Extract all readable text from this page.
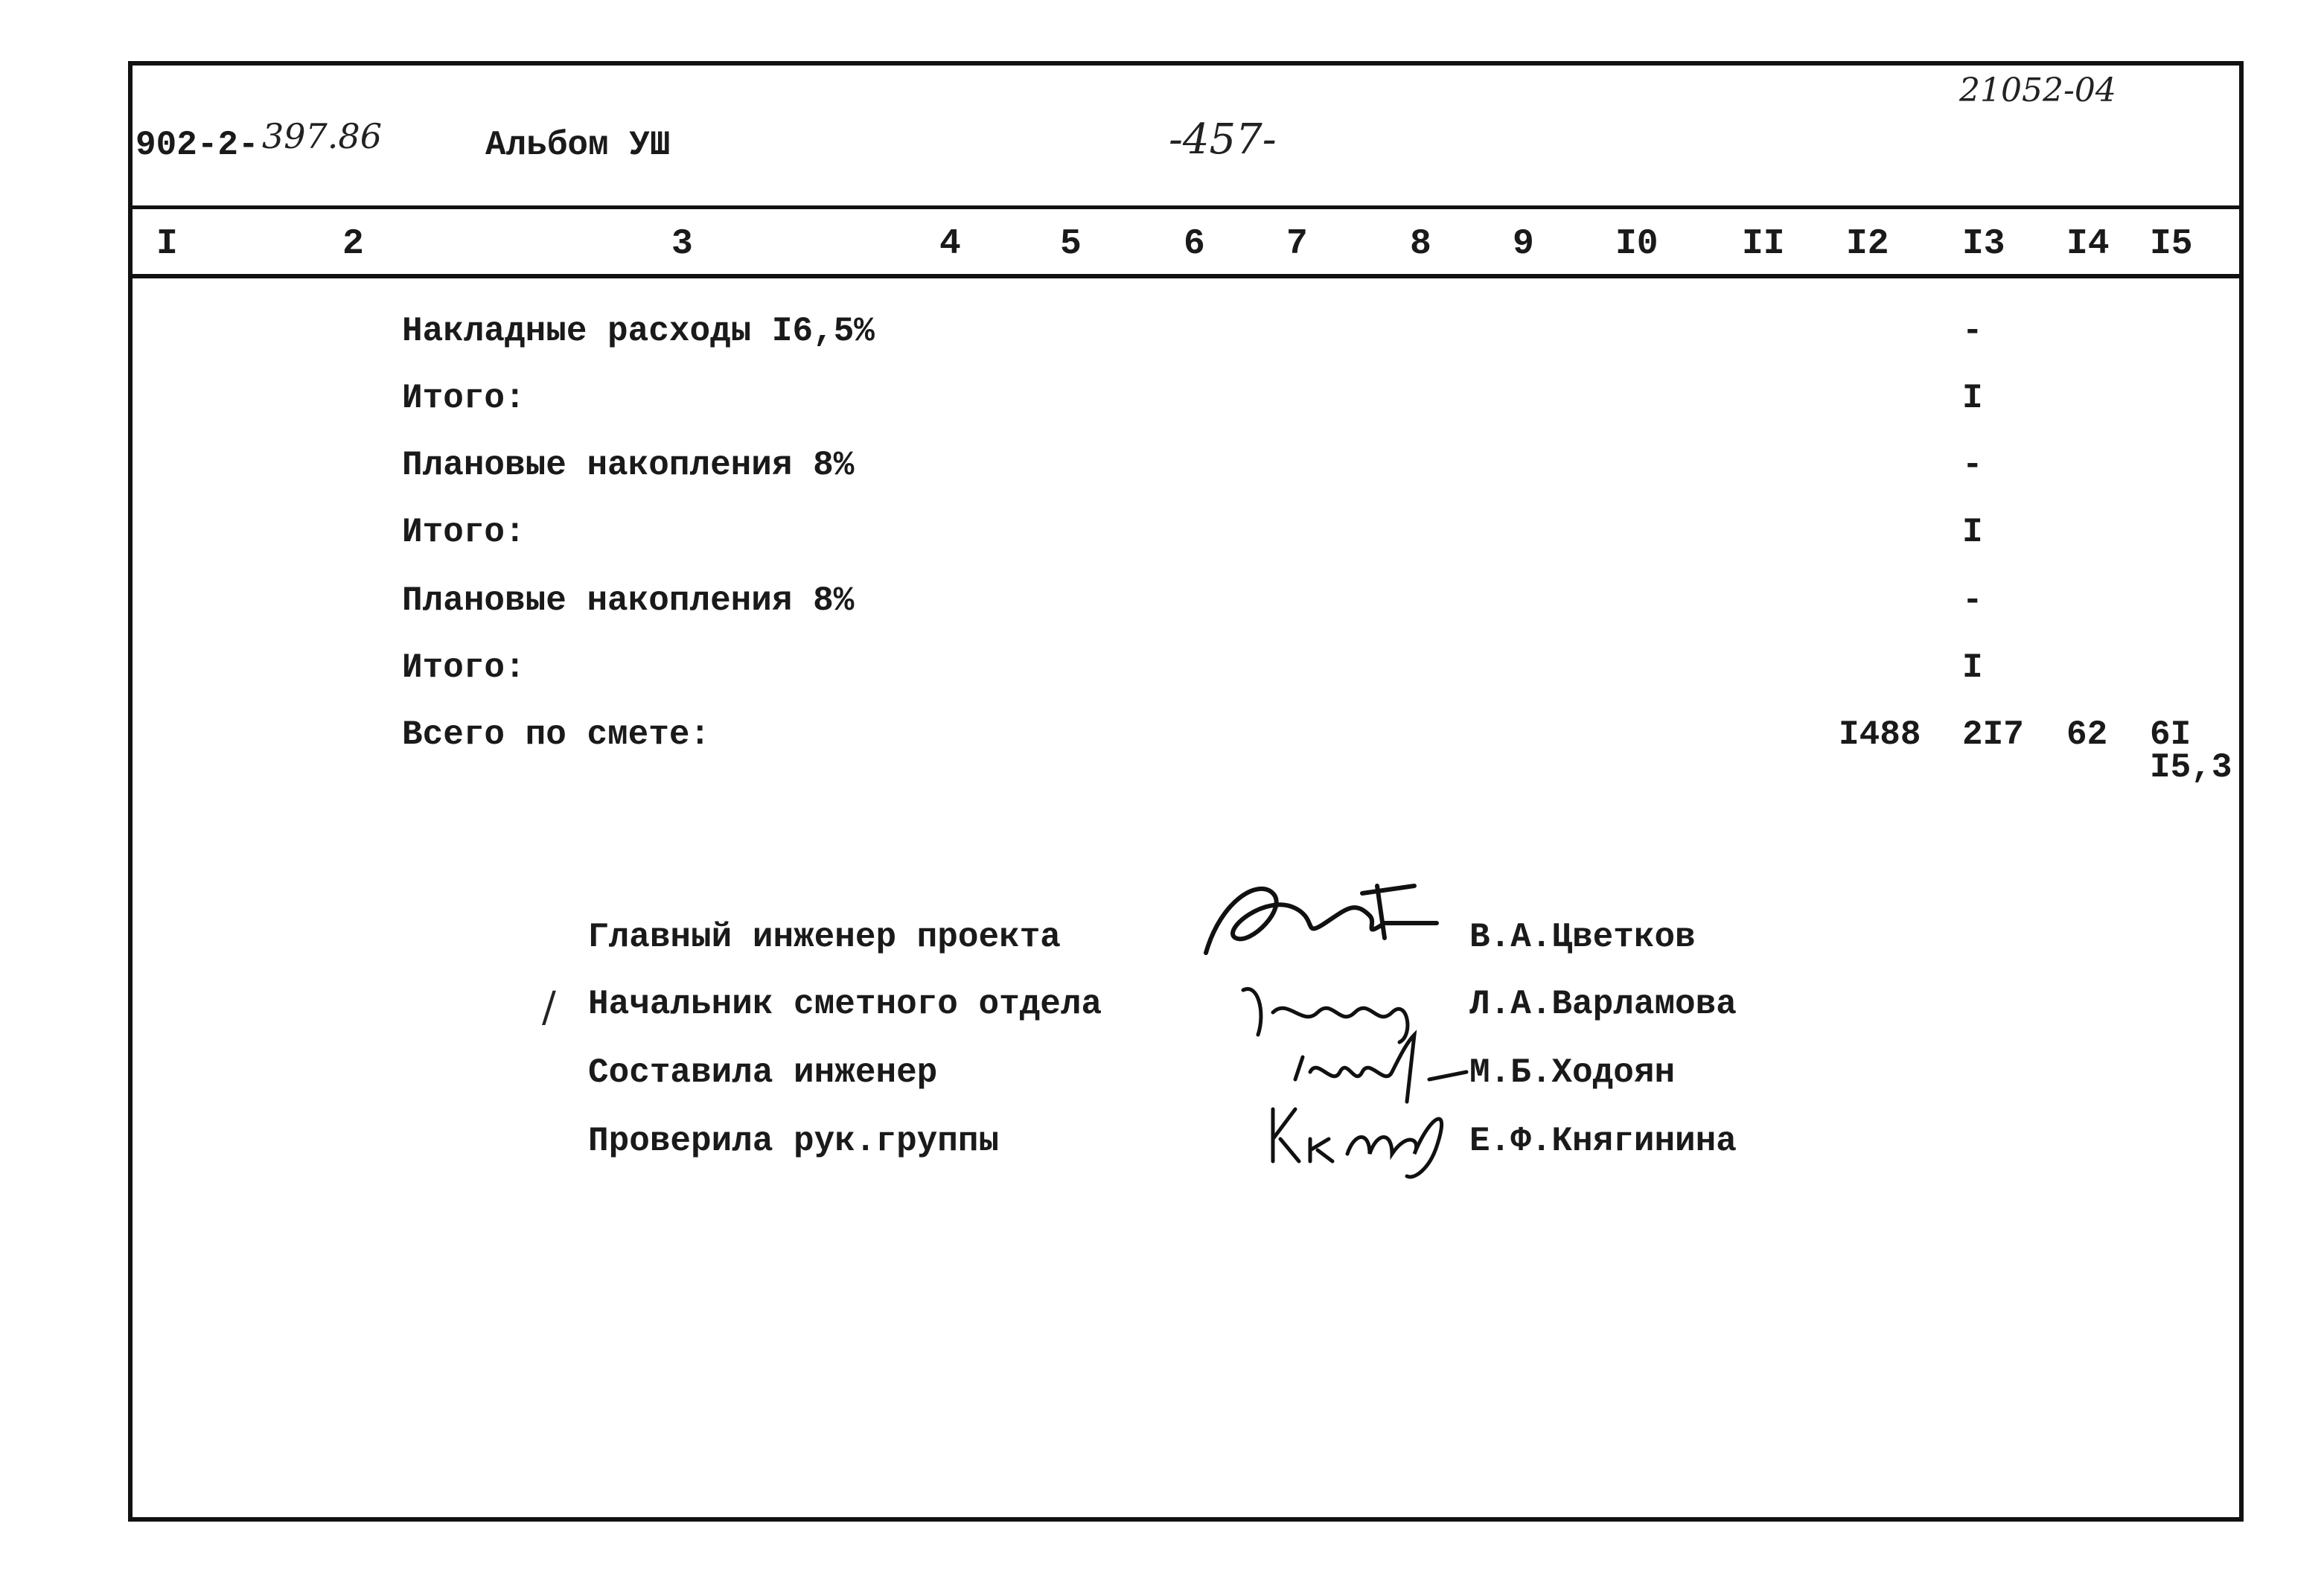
902-2- 397.86	Альбом УШ	-457-
21052-04
I	2	3	4	5	6 7	8 9 I0 II I2 I3 I4 I5
Накладные расходы I6,5%	-
Итого:	I
Плановые накопления 8%	-
Итого:	I
Плановые накопления 8%	-
Итого:	I
Всего по смете:	I488 2I7 62 6I
I5,3
Главный инженер проекта	В.А.Цветков
/ Начальник сметного отдела	Л.А.Варламова
Составила инженер	М.Б.Ходоян
Проверила рук.группы	Е.Ф.Княгинина
